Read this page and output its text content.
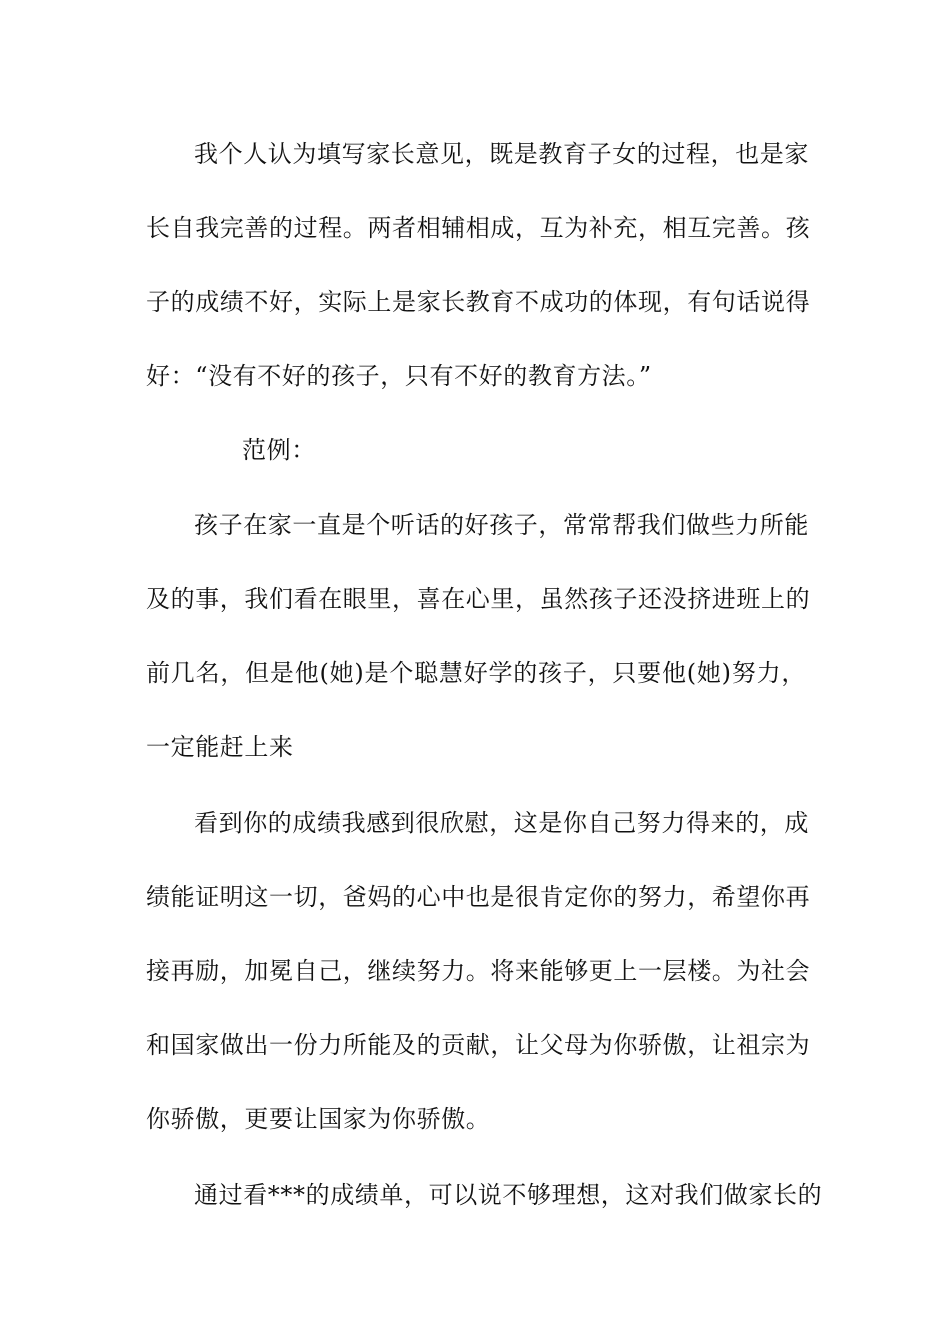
我个人认为填写家长意见，既是教育子女的过程，也是家
长自我完善的过程。两者相辅相成，互为补充，相互完善。孩
子的成绩不好，实际上是家长教育不成功的体现，有句话说得
好：“没有不好的孩子，只有不好的教育方法。”
范例：
孩子在家一直是个听话的好孩子，常常帮我们做些力所能
及的事，我们看在眼里，喜在心里，虽然孩子还没挤进班上的
前几名，但是他(她)是个聪慧好学的孩子，只要他(她)努力，
一定能赶上来
看到你的成绩我感到很欣慰，这是你自己努力得来的，成
绩能证明这一切，爸妈的心中也是很肯定你的努力，希望你再
接再励，加冕自己，继续努力。将来能够更上一层楼。为社会
和国家做出一份力所能及的贡献，让父母为你骄傲，让祖宗为
你骄傲，更要让国家为你骄傲。
通过看***的成绩单，可以说不够理想，这对我们做家长的
